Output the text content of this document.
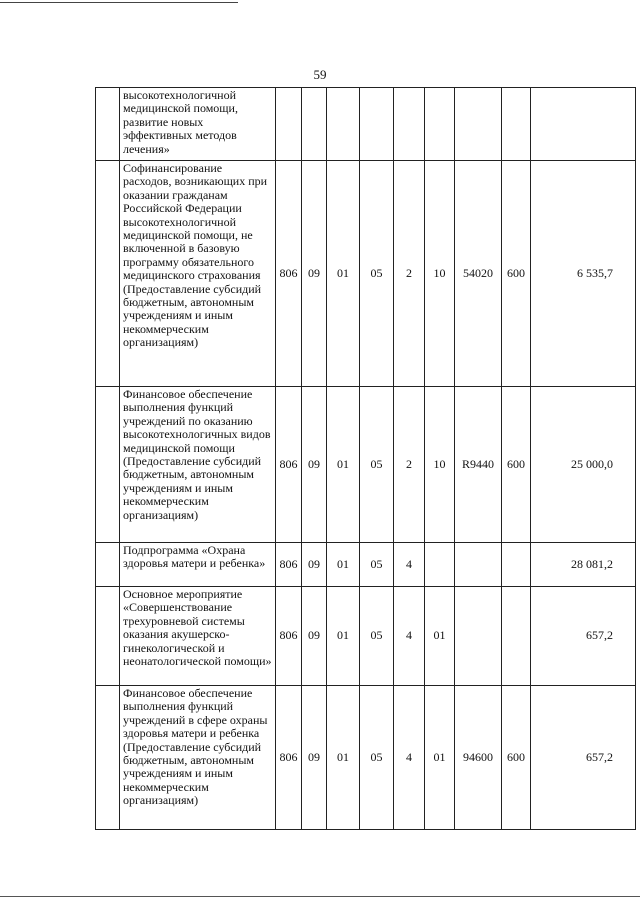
59
	высокотехнологичной медицинской помощи, развитие новых эффективных методов лечения»									
	Софинансирование расходов, возникающих при оказании гражданам Российской Федерации высокотехнологичной медицинской помощи, не включенной в базовую программу обязательного медицинского страхования (Предоставление субсидий бюджетным, автономным учреждениям и иным некоммерческим организациям)	806	09	01	05	2	10	54020	600	6 535,7
	Финансовое обеспечение выполнения функций учреждений по оказанию высокотехнологичных видов медицинской помощи (Предоставление субсидий бюджетным, автономным учреждениям и иным некоммерческим организациям)	806	09	01	05	2	10	R9440	600	25 000,0
	Подпрограмма «Охрана здоровья матери и ребенка»	806	09	01	05	4				28 081,2
	Основное мероприятие «Совершенствование трехуровневой системы оказания акушерско-гинекологической и неонатологической помощи»	806	09	01	05	4	01			657,2
	Финансовое обеспечение выполнения функций учреждений в сфере охраны здоровья матери и ребенка (Предоставление субсидий бюджетным, автономным учреждениям и иным некоммерческим организациям)	806	09	01	05	4	01	94600	600	657,2
